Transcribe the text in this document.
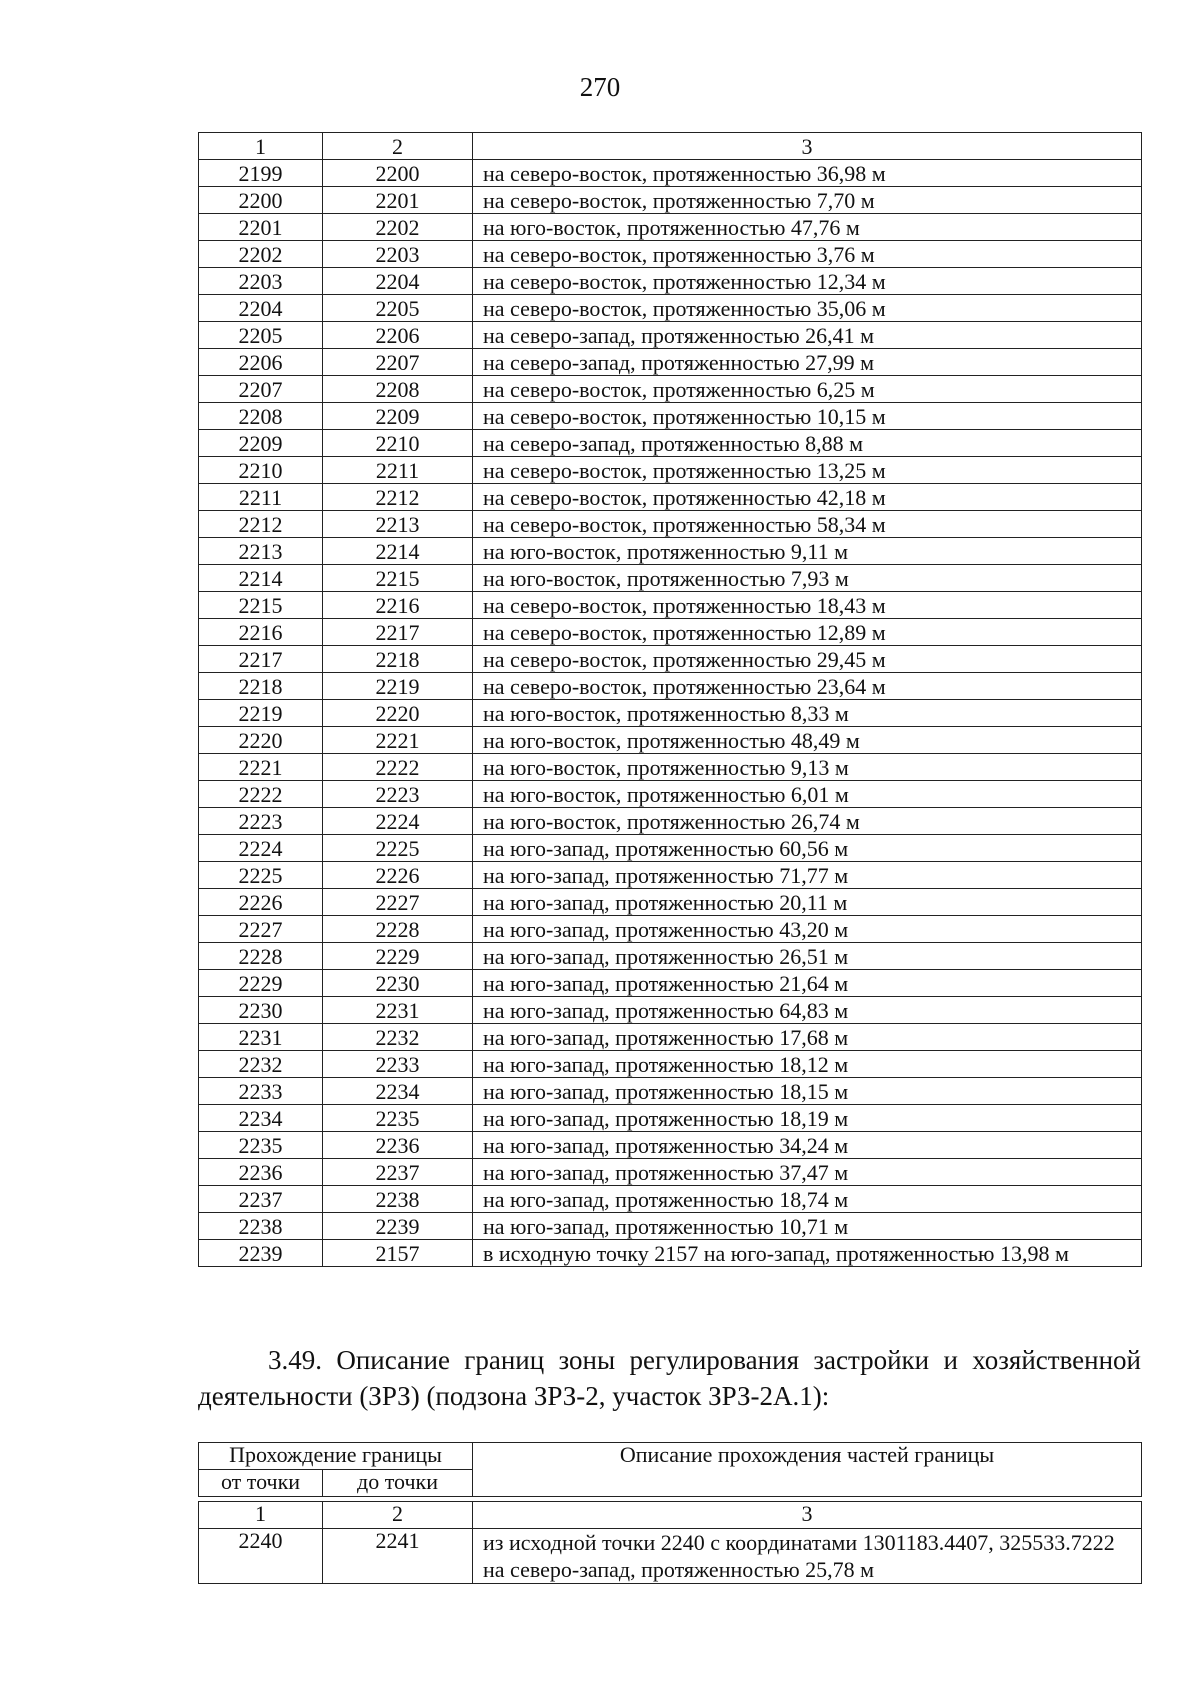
270
1	2	3
2199	2200	на северо-восток, протяженностью 36,98 м
2200	2201	на северо-восток, протяженностью 7,70 м
2201	2202	на юго-восток, протяженностью 47,76 м
2202	2203	на северо-восток, протяженностью 3,76 м
2203	2204	на северо-восток, протяженностью 12,34 м
2204	2205	на северо-восток, протяженностью 35,06 м
2205	2206	на северо-запад, протяженностью 26,41 м
2206	2207	на северо-запад, протяженностью 27,99 м
2207	2208	на северо-восток, протяженностью 6,25 м
2208	2209	на северо-восток, протяженностью 10,15 м
2209	2210	на северо-запад, протяженностью 8,88 м
2210	2211	на северо-восток, протяженностью 13,25 м
2211	2212	на северо-восток, протяженностью 42,18 м
2212	2213	на северо-восток, протяженностью 58,34 м
2213	2214	на юго-восток, протяженностью 9,11 м
2214	2215	на юго-восток, протяженностью 7,93 м
2215	2216	на северо-восток, протяженностью 18,43 м
2216	2217	на северо-восток, протяженностью 12,89 м
2217	2218	на северо-восток, протяженностью 29,45 м
2218	2219	на северо-восток, протяженностью 23,64 м
2219	2220	на юго-восток, протяженностью 8,33 м
2220	2221	на юго-восток, протяженностью 48,49 м
2221	2222	на юго-восток, протяженностью 9,13 м
2222	2223	на юго-восток, протяженностью 6,01 м
2223	2224	на юго-восток, протяженностью 26,74 м
2224	2225	на юго-запад, протяженностью 60,56 м
2225	2226	на юго-запад, протяженностью 71,77 м
2226	2227	на юго-запад, протяженностью 20,11 м
2227	2228	на юго-запад, протяженностью 43,20 м
2228	2229	на юго-запад, протяженностью 26,51 м
2229	2230	на юго-запад, протяженностью 21,64 м
2230	2231	на юго-запад, протяженностью 64,83 м
2231	2232	на юго-запад, протяженностью 17,68 м
2232	2233	на юго-запад, протяженностью 18,12 м
2233	2234	на юго-запад, протяженностью 18,15 м
2234	2235	на юго-запад, протяженностью 18,19 м
2235	2236	на юго-запад, протяженностью 34,24 м
2236	2237	на юго-запад, протяженностью 37,47 м
2237	2238	на юго-запад, протяженностью 18,74 м
2238	2239	на юго-запад, протяженностью 10,71 м
2239	2157	в исходную точку 2157 на юго-запад, протяженностью 13,98 м

3.49. Описание границ зоны регулирования застройки и хозяйственной деятельности (ЗРЗ) (подзона ЗРЗ-2, участок ЗРЗ-2А.1):

Прохождение границы		Описание прохождения частей границы
от точки	до точки	

1	2	3
2240	2241	из исходной точки 2240 с координатами 1301183.4407, 325533.7222 на северо-запад, протяженностью 25,78 м
